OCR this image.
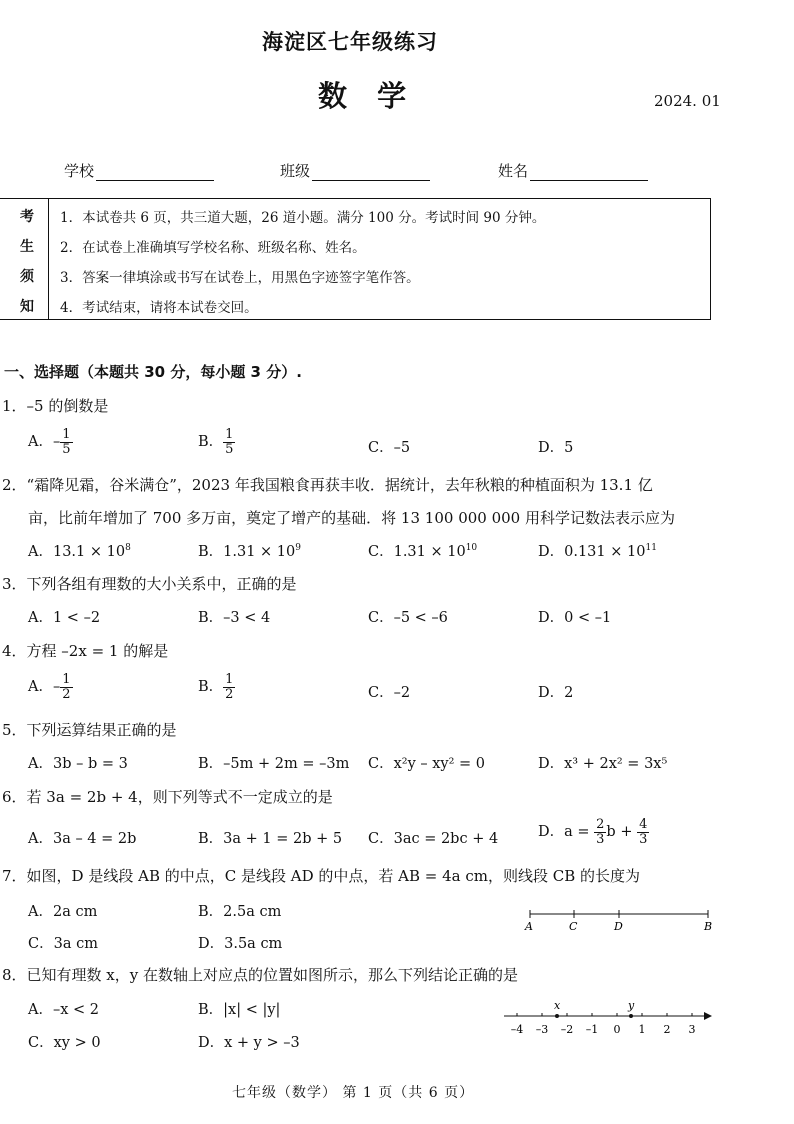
海淀区七年级练习
数 学	2024. 01
学校	班级	姓名
考
生
须
知
1．本试卷共 6 页，共三道大题，26 道小题。满分 100 分。考试时间 90 分钟。
2．在试卷上准确填写学校名称、班级名称、姓名。
3．答案一律填涂或书写在试卷上，用黑色字迹签字笔作答。
4．考试结束，请将本试卷交回。
一、选择题（本题共 30 分，每小题 3 分）.
1．–5 的倒数是
A．– $\frac{1}{5}$	B． $\frac{1}{5}$	C．–5	D．5
2．“霜降见霜，谷米满仓”，2023 年我国粮食再获丰收．据统计，去年秋粮的种植面积为 13.1 亿
亩，比前年增加了 700 多万亩，奠定了增产的基础．将 13 100 000 000 用科学记数法表示应为
A．$13.1 \times 10^8$	B．$1.31 \times 10^9$	C．$1.31 \times 10^{10}$	D．$0.131 \times 10^{11}$
3．下列各组有理数的大小关系中，正确的是
A．1 < –2	B．–3 < 4	C．–5 < –6	D．0 < –1
4．方程 –2x = 1 的解是
A．– $\frac{1}{2}$	B． $\frac{1}{2}$	C．–2	D．2
5．下列运算结果正确的是
A．3b – b = 3	B．–5m + 2m = –3m C．x²y – xy² = 0	D．x³ + 2x² = 3x⁵
6．若 3a = 2b + 4，则下列等式不一定成立的是
A．3a – 4 = 2b	B．3a + 1 = 2b + 5 C．3ac = 2bc + 4	D．$a = \frac{2}{3}$ $b + \frac{4}{3}$
7．如图，D 是线段 AB 的中点，C 是线段 AD 的中点，若 AB = 4a cm，则线段 CB 的长度为
A．2a cm	B．2.5a cm
C．3a cm	D．3.5a cm
A	C	D	B
8．已知有理数 x，y 在数轴上对应点的位置如图所示，那么下列结论正确的是
A．–x < 2	B．|x| < |y|
C．xy > 0	D．x + y > –3
–4 –3 –2 –1 0 1 2 3
x	y
七年级（数学） 第 1 页（共 6 页）
